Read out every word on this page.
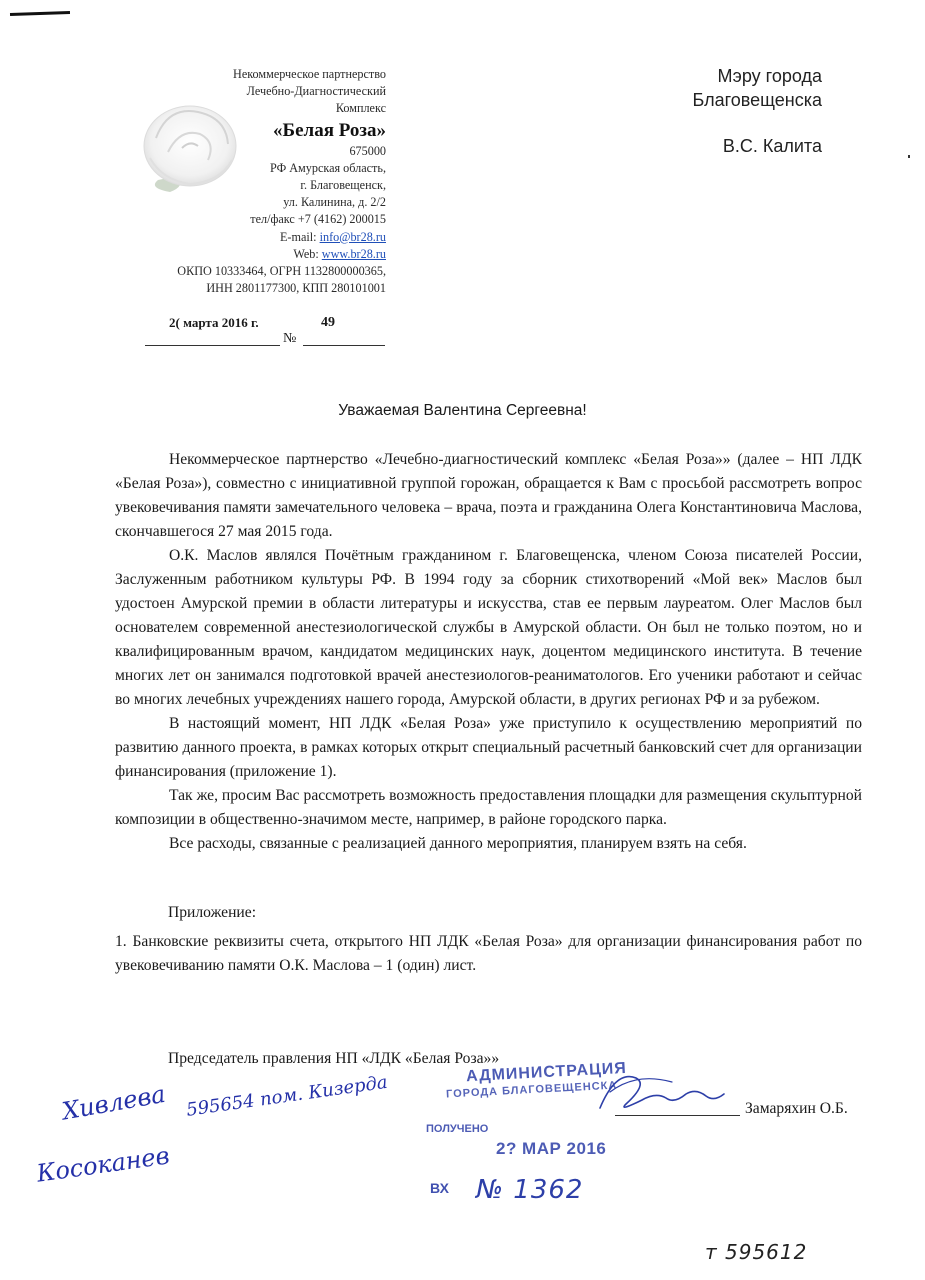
Некоммерческое партнерство
Лечебно-Диагностический
Комплекс
«Белая Роза»
675000
РФ Амурская область,
г. Благовещенск,
ул. Калинина, д. 2/2
тел/факс +7 (4162) 200015
E-mail: info@br28.ru
Web: www.br28.ru
ОКПО 10333464, ОГРН 1132800000365,
ИНН 2801177300, КПП 280101001
2( марта 2016 г.	49
№
Мэру города
Благовещенска
В.С. Калита
Уважаемая Валентина Сергеевна!

Некоммерческое партнерство «Лечебно-диагностический комплекс «Белая Роза»» (далее – НП ЛДК «Белая Роза»), совместно с инициативной группой горожан, обращается к Вам с просьбой рассмотреть вопрос увековечивания памяти замечательного человека – врача, поэта и гражданина Олега Константиновича Маслова, скончавшегося 27 мая 2015 года.

О.К. Маслов являлся Почётным гражданином г. Благовещенска, членом Союза писателей России, Заслуженным работником культуры РФ. В 1994 году за сборник стихотворений «Мой век» Маслов был удостоен Амурской премии в области литературы и искусства, став ее первым лауреатом. Олег Маслов был основателем современной анестезиологической службы в Амурской области. Он был не только поэтом, но и квалифицированным врачом, кандидатом медицинских наук, доцентом медицинского института. В течение многих лет он занимался подготовкой врачей анестезиологов-реаниматологов. Его ученики работают и сейчас во многих лечебных учреждениях нашего города, Амурской области, в других регионах РФ и за рубежом.

В настоящий момент, НП ЛДК «Белая Роза» уже приступило к осуществлению мероприятий по развитию данного проекта, в рамках которых открыт специальный расчетный банковский счет для организации финансирования (приложение 1).

Так же, просим Вас рассмотреть возможность предоставления площадки для размещения скульптурной композиции в общественно-значимом месте, например, в районе городского парка.

Все расходы, связанные с реализацией данного мероприятия, планируем взять на себя.

Приложение:
1. Банковские реквизиты счета, открытого НП ЛДК «Белая Роза» для организации финансирования работ по увековечиванию памяти О.К. Маслова – 1 (один) лист.
Председатель правления НП «ЛДК «Белая Роза»»
Замаряхин О.Б.
АДМИНИСТРАЦИЯ
ГОРОДА БЛАГОВЕЩЕНСКА
ПОЛУЧЕНО
2? МАР 2016
ВХ № 1362
Хивлева 595654 пом. Кизерда
Косоканев
т 595612
